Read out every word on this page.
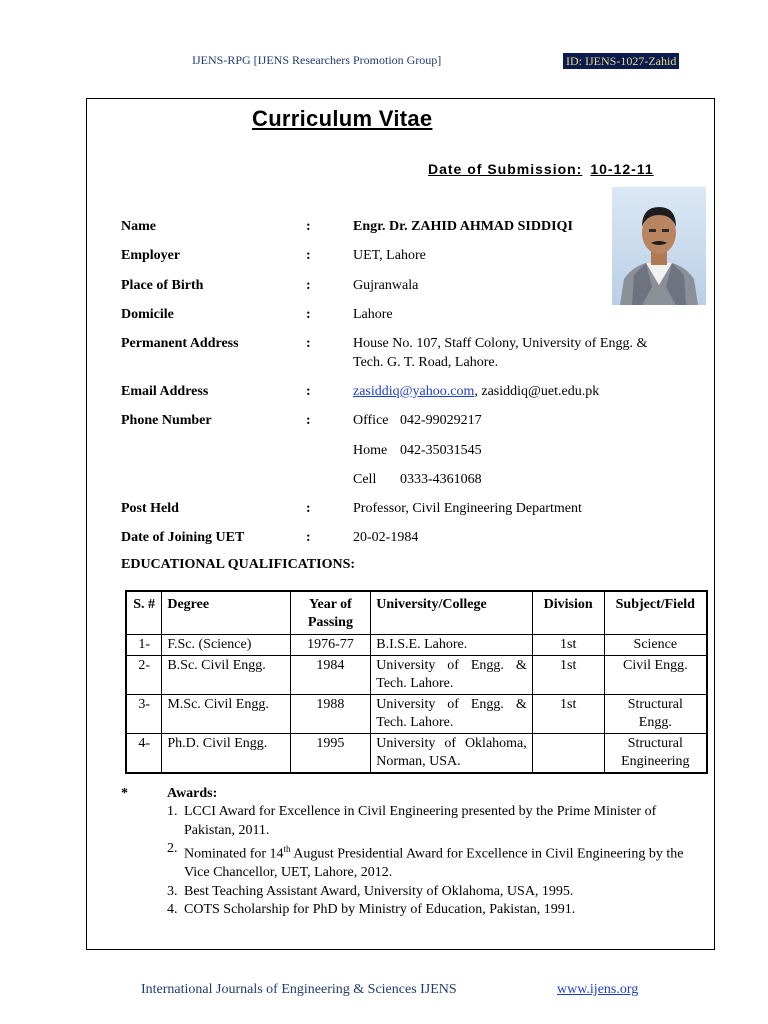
IJENS-RPG [IJENS Researchers Promotion Group]	ID: IJENS-1027-Zahid
Curriculum Vitae
Date of Submission: 10-12-11
Name	:	Engr. Dr. ZAHID AHMAD SIDDIQI
Employer	:	UET, Lahore
Place of Birth	:	Gujranwala
Domicile	:	Lahore
Permanent Address	:	House No. 107, Staff Colony, University of Engg. & Tech. G. T. Road, Lahore.
Email Address	:	zasiddiq@yahoo.com, zasiddiq@uet.edu.pk
Phone Number	:	Office 042-99029217
Home 042-35031545
Cell 0333-4361068
Post Held	:	Professor, Civil Engineering Department
Date of Joining UET	:	20-02-1984
EDUCATIONAL QUALIFICATIONS:
S. #	Degree	Year of Passing	University/College	Division	Subject/Field
1-	F.Sc. (Science)	1976-77	B.I.S.E. Lahore.	1st	Science
2-	B.Sc. Civil Engg.	1984	University of Engg. & Tech. Lahore.	1st	Civil Engg.
3-	M.Sc. Civil Engg.	1988	University of Engg. & Tech. Lahore.	1st	Structural Engg.
4-	Ph.D. Civil Engg.	1995	University of Oklahoma, Norman, USA.		Structural Engineering
*	Awards:
1. LCCI Award for Excellence in Civil Engineering presented by the Prime Minister of Pakistan, 2011.
2. Nominated for 14th August Presidential Award for Excellence in Civil Engineering by the Vice Chancellor, UET, Lahore, 2012.
3. Best Teaching Assistant Award, University of Oklahoma, USA, 1995.
4. COTS Scholarship for PhD by Ministry of Education, Pakistan, 1991.
International Journals of Engineering & Sciences IJENS	www.ijens.org
